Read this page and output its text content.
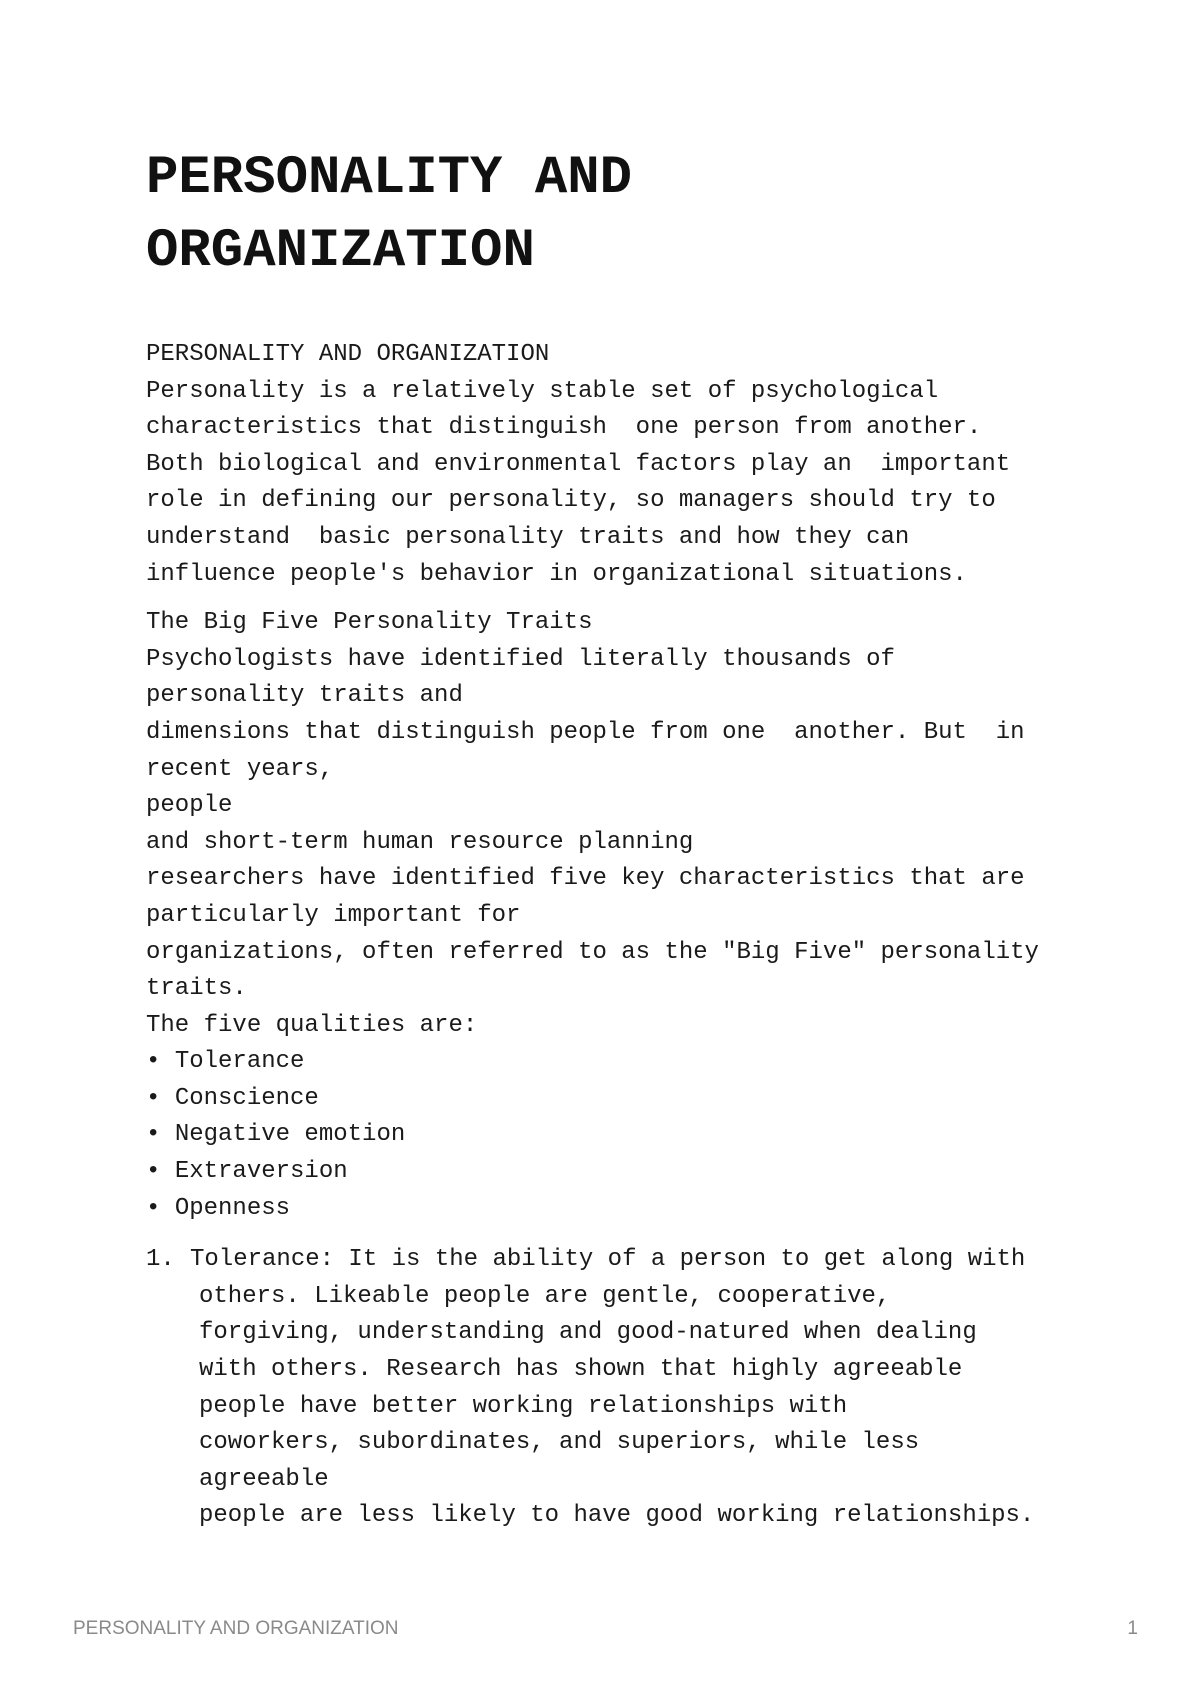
PERSONALITY AND
ORGANIZATION
PERSONALITY AND ORGANIZATION
Personality is a relatively stable set of psychological
characteristics that distinguish  one person from another.
Both biological and environmental factors play an  important
role in defining our personality, so managers should try to
understand  basic personality traits and how they can
influence people's behavior in organizational situations.
The Big Five Personality Traits
Psychologists have identified literally thousands of
personality traits and
dimensions that distinguish people from one  another. But  in
recent years,
people
and short-term human resource planning
researchers have identified five key characteristics that are
particularly important for
organizations, often referred to as the "Big Five" personality
traits.
The five qualities are:
• Tolerance
• Conscience
• Negative emotion
• Extraversion
• Openness
1. Tolerance: It is the ability of a person to get along with
others. Likeable people are gentle, cooperative,
forgiving, understanding and good-natured when dealing
with others. Research has shown that highly agreeable
people have better working relationships with
coworkers, subordinates, and superiors, while less
agreeable
people are less likely to have good working relationships.
PERSONALITY AND ORGANIZATION	1
